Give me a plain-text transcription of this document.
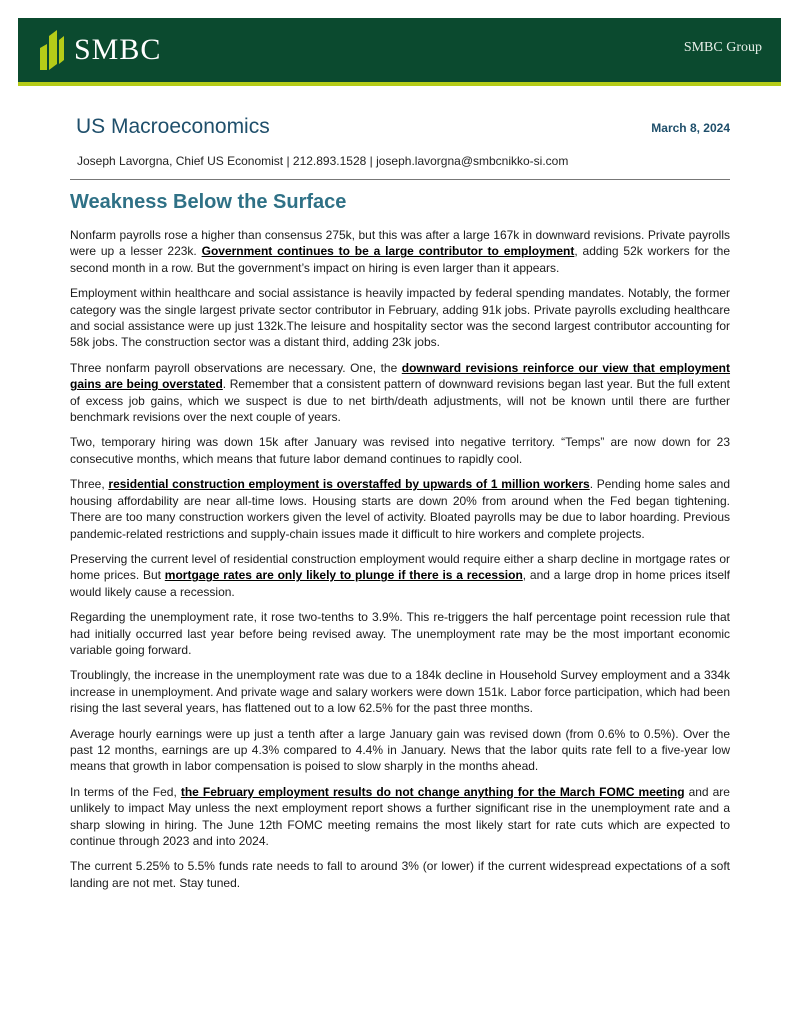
SMBC	SMBC Group
US Macroeconomics	March 8, 2024
Joseph Lavorgna, Chief US Economist | 212.893.1528 | joseph.lavorgna@smbcnikko-si.com
Weakness Below the Surface

Nonfarm payrolls rose a higher than consensus 275k, but this was after a large 167k in downward revisions. Private payrolls were up a lesser 223k. Government continues to be a large contributor to employment, adding 52k workers for the second month in a row. But the government’s impact on hiring is even larger than it appears.

Employment within healthcare and social assistance is heavily impacted by federal spending mandates. Notably, the former category was the single largest private sector contributor in February, adding 91k jobs. Private payrolls excluding healthcare and social assistance were up just 132k.The leisure and hospitality sector was the second largest contributor accounting for 58k jobs. The construction sector was a distant third, adding 23k jobs.

Three nonfarm payroll observations are necessary. One, the downward revisions reinforce our view that employment gains are being overstated. Remember that a consistent pattern of downward revisions began last year. But the full extent of excess job gains, which we suspect is due to net birth/death adjustments, will not be known until there are further benchmark revisions over the next couple of years.

Two, temporary hiring was down 15k after January was revised into negative territory. “Temps” are now down for 23 consecutive months, which means that future labor demand continues to rapidly cool.

Three, residential construction employment is overstaffed by upwards of 1 million workers. Pending home sales and housing affordability are near all-time lows. Housing starts are down 20% from around when the Fed began tightening. There are too many construction workers given the level of activity. Bloated payrolls may be due to labor hoarding. Previous pandemic-related restrictions and supply-chain issues made it difficult to hire workers and complete projects.

Preserving the current level of residential construction employment would require either a sharp decline in mortgage rates or home prices. But mortgage rates are only likely to plunge if there is a recession, and a large drop in home prices itself would likely cause a recession.

Regarding the unemployment rate, it rose two-tenths to 3.9%. This re-triggers the half percentage point recession rule that had initially occurred last year before being revised away. The unemployment rate may be the most important economic variable going forward.

Troublingly, the increase in the unemployment rate was due to a 184k decline in Household Survey employment and a 334k increase in unemployment. And private wage and salary workers were down 151k. Labor force participation, which had been rising the last several years, has flattened out to a low 62.5% for the past three months.

Average hourly earnings were up just a tenth after a large January gain was revised down (from 0.6% to 0.5%). Over the past 12 months, earnings are up 4.3% compared to 4.4% in January. News that the labor quits rate fell to a five-year low means that growth in labor compensation is poised to slow sharply in the months ahead.

In terms of the Fed, the February employment results do not change anything for the March FOMC meeting and are unlikely to impact May unless the next employment report shows a further significant rise in the unemployment rate and a sharp slowing in hiring. The June 12th FOMC meeting remains the most likely start for rate cuts which are expected to continue through 2023 and into 2024.

The current 5.25% to 5.5% funds rate needs to fall to around 3% (or lower) if the current widespread expectations of a soft landing are not met. Stay tuned.
